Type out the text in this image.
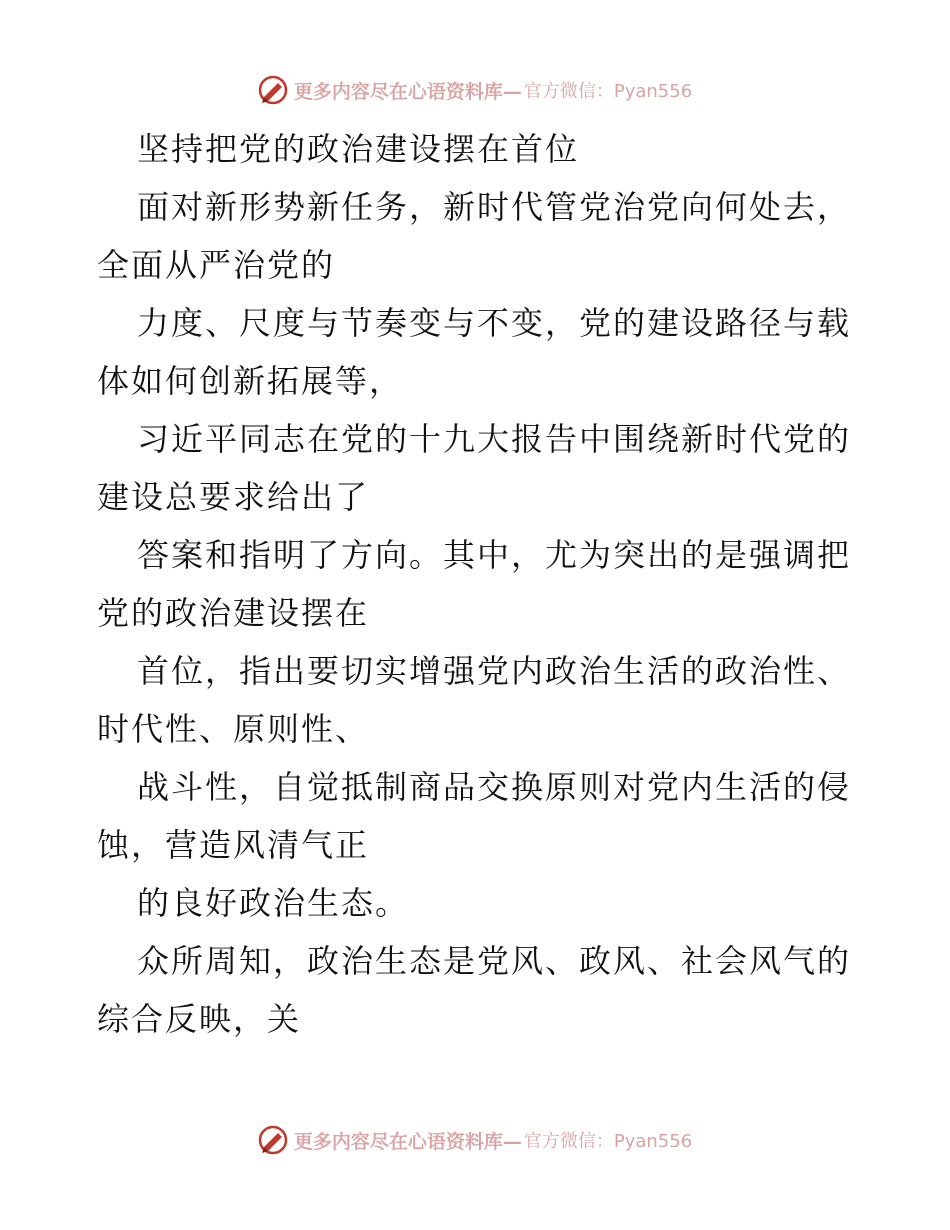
更多内容尽在心语资料库— 官方微信：Pyan556
坚持把党的政治建设摆在首位
面对新形势新任务，新时代管党治党向何处去，
全面从严治党的
力度、尺度与节奏变与不变，党的建设路径与载
体如何创新拓展等，
习近平同志在党的十九大报告中围绕新时代党的
建设总要求给出了
答案和指明了方向。其中，尤为突出的是强调把
党的政治建设摆在
首位，指出要切实增强党内政治生活的政治性、
时代性、原则性、
战斗性，自觉抵制商品交换原则对党内生活的侵
蚀，营造风清气正
的良好政治生态。
众所周知，政治生态是党风、政风、社会风气的
综合反映，关
更多内容尽在心语资料库— 官方微信：Pyan556
